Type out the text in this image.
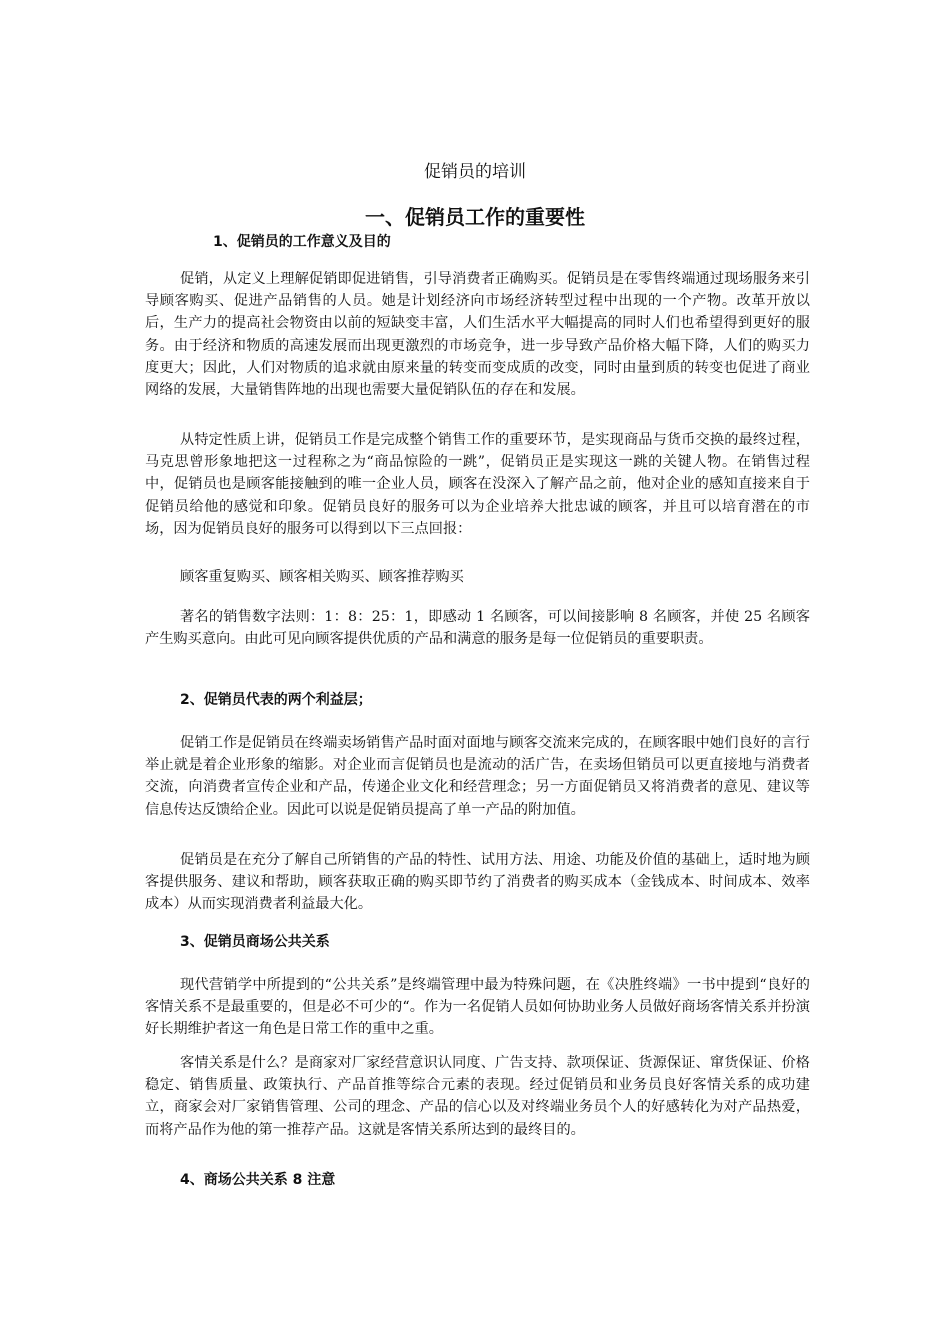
促销员的培训
一、促销员工作的重要性
1、促销员的工作意义及目的

促销，从定义上理解促销即促进销售，引导消费者正确购买。促销员是在零售终端通过现场服务来引导顾客购买、促进产品销售的人员。她是计划经济向市场经济转型过程中出现的一个产物。改革开放以后，生产力的提高社会物资由以前的短缺变丰富，人们生活水平大幅提高的同时人们也希望得到更好的服务。由于经济和物质的高速发展而出现更激烈的市场竞争，进一步导致产品价格大幅下降，人们的购买力度更大；因此，人们对物质的追求就由原来量的转变而变成质的改变，同时由量到质的转变也促进了商业网络的发展，大量销售阵地的出现也需要大量促销队伍的存在和发展。

从特定性质上讲，促销员工作是完成整个销售工作的重要环节，是实现商品与货币交换的最终过程，马克思曾形象地把这一过程称之为“商品惊险的一跳”，促销员正是实现这一跳的关键人物。在销售过程中，促销员也是顾客能接触到的唯一企业人员，顾客在没深入了解产品之前，他对企业的感知直接来自于促销员给他的感觉和印象。促销员良好的服务可以为企业培养大批忠诚的顾客，并且可以培育潜在的市场，因为促销员良好的服务可以得到以下三点回报：

顾客重复购买、顾客相关购买、顾客推荐购买

著名的销售数字法则：1：8：25：1，即感动 1 名顾客，可以间接影响 8 名顾客，并使 25 名顾客产生购买意向。由此可见向顾客提供优质的产品和满意的服务是每一位促销员的重要职责。

2、促销员代表的两个利益层；

促销工作是促销员在终端卖场销售产品时面对面地与顾客交流来完成的，在顾客眼中她们良好的言行举止就是着企业形象的缩影。对企业而言促销员也是流动的活广告，在卖场但销员可以更直接地与消费者交流，向消费者宣传企业和产品，传递企业文化和经营理念；另一方面促销员又将消费者的意见、建议等信息传达反馈给企业。因此可以说是促销员提高了单一产品的附加值。

促销员是在充分了解自己所销售的产品的特性、试用方法、用途、功能及价值的基础上，适时地为顾客提供服务、建议和帮助，顾客获取正确的购买即节约了消费者的购买成本（金钱成本、时间成本、效率成本）从而实现消费者利益最大化。

3、促销员商场公共关系

现代营销学中所提到的“公共关系”是终端管理中最为特殊问题，在《决胜终端》一书中提到“良好的客情关系不是最重要的，但是必不可少的“。作为一名促销人员如何协助业务人员做好商场客情关系并扮演好长期维护者这一角色是日常工作的重中之重。

客情关系是什么？是商家对厂家经营意识认同度、广告支持、款项保证、货源保证、窜货保证、价格稳定、销售质量、政策执行、产品首推等综合元素的表现。经过促销员和业务员良好客情关系的成功建立，商家会对厂家销售管理、公司的理念、产品的信心以及对终端业务员个人的好感转化为对产品热爱，而将产品作为他的第一推荐产品。这就是客情关系所达到的最终目的。

4、商场公共关系 8 注意
